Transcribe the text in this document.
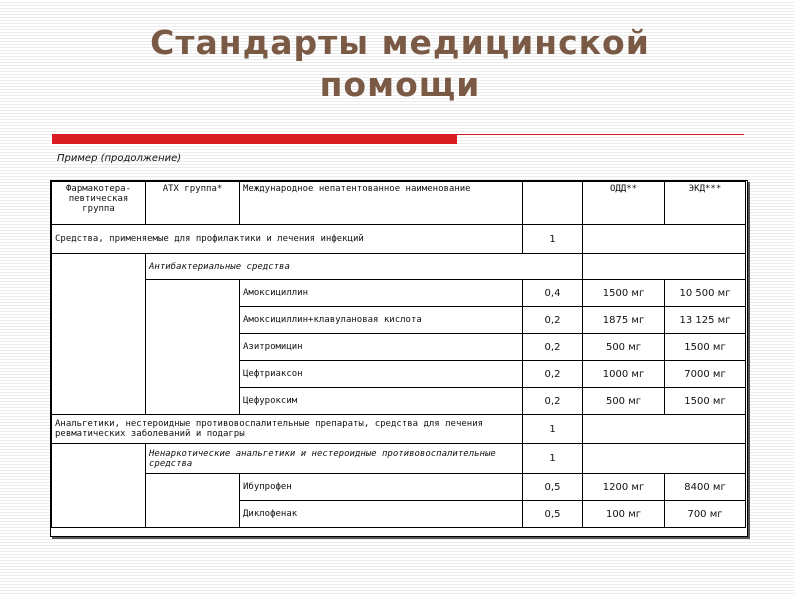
Стандарты медицинской
помощи
Пример (продолжение)
Фармакотера-певтическая группа	АТХ группа*	Международное непатентованное наименование		ОДД**	ЭКД***
Средства, применяемые для профилактики и лечения инфекций			1		
	Антибактериальные средства				
		Амоксициллин	0,4	1500 мг	10 500 мг
		Амоксициллин+клавулановая кислота	0,2	1875 мг	13 125 мг
		Азитромицин	0,2	500 мг	1500 мг
		Цефтриаксон	0,2	1000 мг	7000 мг
		Цефуроксим	0,2	500 мг	1500 мг
Анальгетики, нестероидные противовоспалительные препараты, средства для лечения ревматических заболеваний и подагры			1		
	Ненаркотические анальгетики и нестероидные противовоспалительные средства		1		
		Ибупрофен	0,5	1200 мг	8400 мг
		Диклофенак	0,5	100 мг	700 мг
